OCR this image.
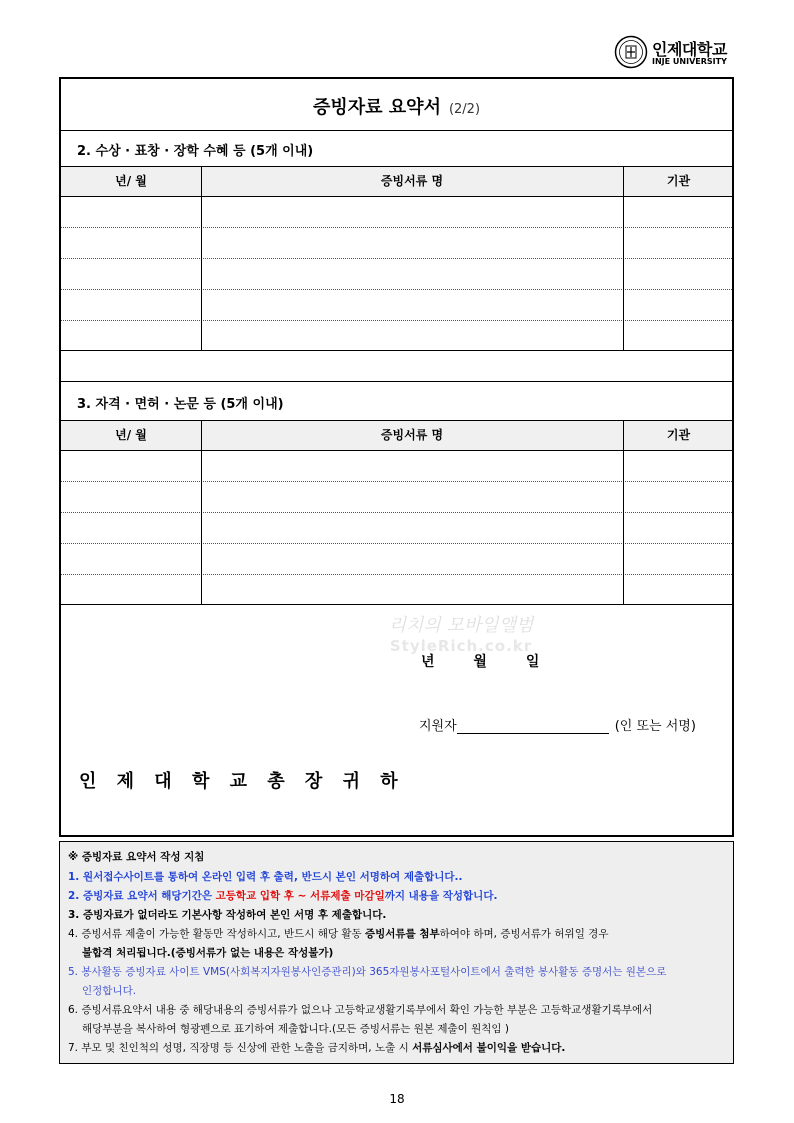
인제대학교
INJE UNIVERSITY
증빙자료 요약서 (2/2)
2. 수상 · 표창 · 장학 수혜 등 (5개 이내)
년/ 월	증빙서류 명	기관
3. 자격 · 면허 · 논문 등 (5개 이내)
년/ 월	증빙서류 명	기관
리치의 모바일앨범
StyleRich.co.kr
년	월	일
지원자	(인 또는 서명)
인 제 대 학 교 총 장 귀 하
※ 증빙자료 요약서 작성 지침
1. 원서접수사이트를 통하여 온라인 입력 후 출력, 반드시 본인 서명하여 제출합니다..
2. 증빙자료 요약서 해당기간은 고등학교 입학 후 ∼ 서류제출 마감일까지 내용을 작성합니다.
3. 증빙자료가 없더라도 기본사항 작성하여 본인 서명 후 제출합니다.
4. 증빙서류 제출이 가능한 활동만 작성하시고, 반드시 해당 활동 증빙서류를 첨부하여야 하며, 증빙서류가 허위일 경우
불합격 처리됩니다.(증빙서류가 없는 내용은 작성불가)
5. 봉사활동 증빙자료 사이트 VMS(사회복지자원봉사인증관리)와 365자원봉사포털사이트에서 출력한 봉사활동 증명서는 원본으로
인정합니다.
6. 증빙서류요약서 내용 중 해당내용의 증빙서류가 없으나 고등학교생활기록부에서 확인 가능한 부분은 고등학교생활기록부에서
해당부분을 복사하여 형광펜으로 표기하여 제출합니다.(모든 증빙서류는 원본 제출이 원칙임 )
7. 부모 및 친인척의 성명, 직장명 등 신상에 관한 노출을 금지하며, 노출 시 서류심사에서 불이익을 받습니다.
18
